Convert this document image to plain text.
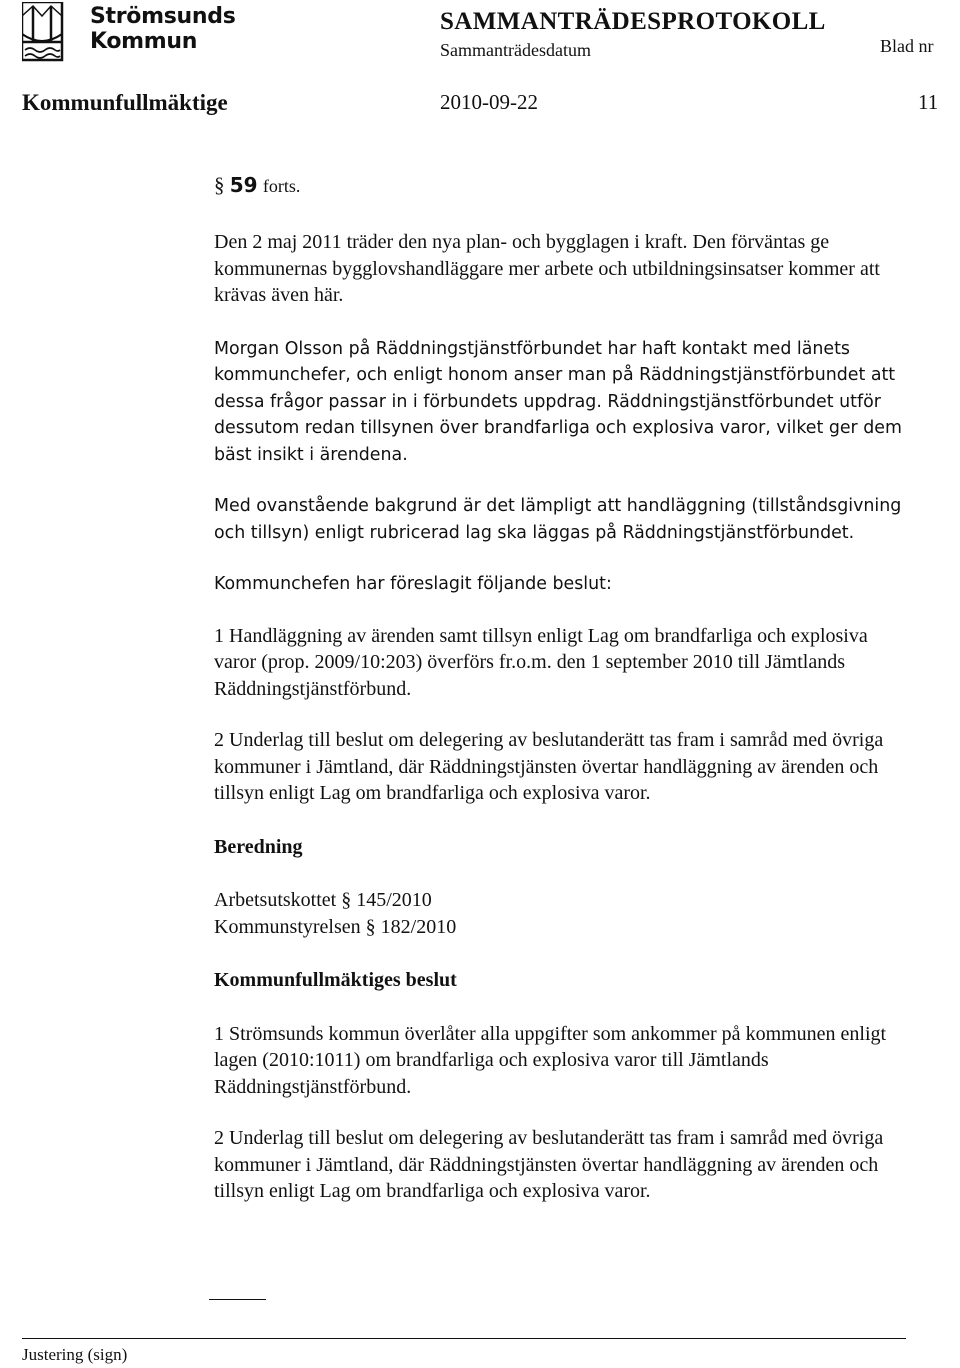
Strömsunds
Kommun
SAMMANTRÄDESPROTOKOLL
Sammanträdesdatum	Blad nr
Kommunfullmäktige	2010-09-22	11
§ 59 forts.

Den 2 maj 2011 träder den nya plan- och bygglagen i kraft. Den förväntas ge kommunernas bygglovshandläggare mer arbete och utbildningsinsatser kommer att krävas även här.

Morgan Olsson på Räddningstjänstförbundet har haft kontakt med länets kommunchefer, och enligt honom anser man på Räddningstjänstförbundet att dessa frågor passar in i förbundets uppdrag. Räddningstjänstförbundet utför dessutom redan tillsynen över brandfarliga och explosiva varor, vilket ger dem bäst insikt i ärendena.

Med ovanstående bakgrund är det lämpligt att handläggning (tillståndsgivning och tillsyn) enligt rubricerad lag ska läggas på Räddningstjänstförbundet.

Kommunchefen har föreslagit följande beslut:

1 Handläggning av ärenden samt tillsyn enligt Lag om brandfarliga och explosiva varor (prop. 2009/10:203) överförs fr.o.m. den 1 september 2010 till Jämtlands Räddningstjänstförbund.

2 Underlag till beslut om delegering av beslutanderätt tas fram i samråd med övriga kommuner i Jämtland, där Räddningstjänsten övertar handläggning av ärenden och tillsyn enligt Lag om brandfarliga och explosiva varor.

Beredning

Arbetsutskottet § 145/2010

Kommunstyrelsen § 182/2010

Kommunfullmäktiges beslut

1 Strömsunds kommun överlåter alla uppgifter som ankommer på kommunen enligt lagen (2010:1011) om brandfarliga och explosiva varor till Jämtlands Räddningstjänstförbund.

2 Underlag till beslut om delegering av beslutanderätt tas fram i samråd med övriga kommuner i Jämtland, där Räddningstjänsten övertar handläggning av ärenden och tillsyn enligt Lag om brandfarliga och explosiva varor.

Justering (sign)
